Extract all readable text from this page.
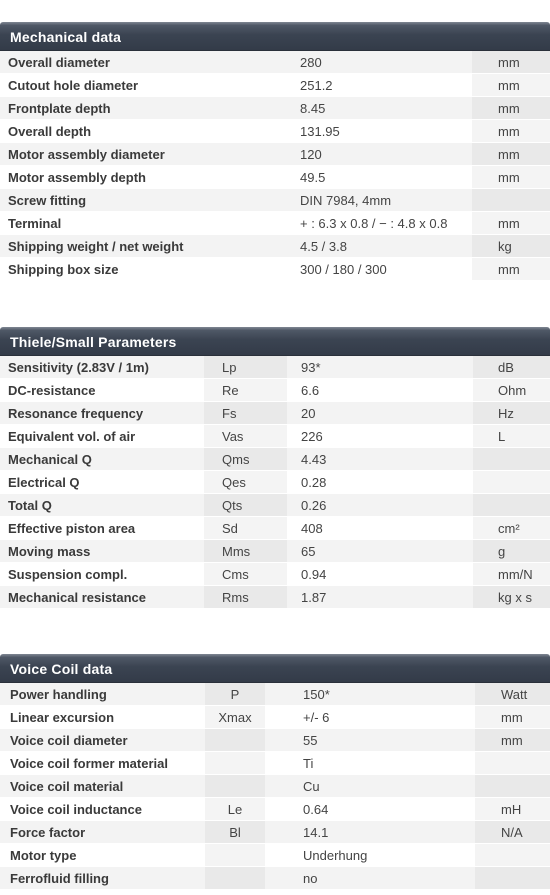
Mechanical data
Overall diameter	280	mm
Cutout hole diameter	251.2	mm
Frontplate depth	8.45	mm
Overall depth	131.95	mm
Motor assembly diameter	120	mm
Motor assembly depth	49.5	mm
Screw fitting	DIN 7984, 4mm	
Terminal	+ : 6.3 x 0.8 / − : 4.8 x 0.8	mm
Shipping weight / net weight	4.5 / 3.8	kg
Shipping box size	300 / 180 / 300	mm
Thiele/Small Parameters
Sensitivity (2.83V / 1m)	Lp	93*	dB
DC-resistance	Re	6.6	Ohm
Resonance frequency	Fs	20	Hz
Equivalent vol. of air	Vas	226	L
Mechanical Q	Qms	4.43	
Electrical Q	Qes	0.28	
Total Q	Qts	0.26	
Effective piston area	Sd	408	cm²
Moving mass	Mms	65	g
Suspension compl.	Cms	0.94	mm/N
Mechanical resistance	Rms	1.87	kg x s
Voice Coil data
Power handling	P	150*	Watt
Linear excursion	Xmax	+/- 6	mm
Voice coil diameter		55	mm
Voice coil former material		Ti	
Voice coil material		Cu	
Voice coil inductance	Le	0.64	mH
Force factor	Bl	14.1	N/A
Motor type		Underhung	
Ferrofluid filling		no	
